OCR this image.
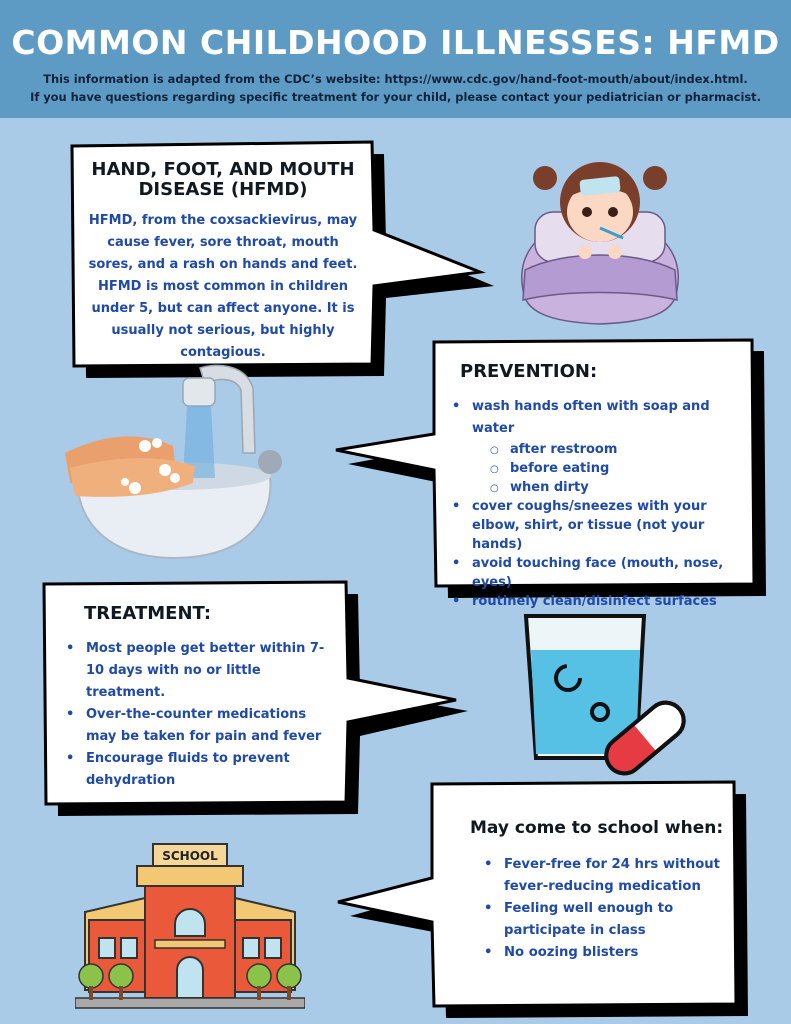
COMMON CHILDHOOD ILLNESSES: HFMD
This information is adapted from the CDC’s website: https://www.cdc.gov/hand-foot-mouth/about/index.html.
If you have questions regarding specific treatment for your child, please contact your pediatrician or pharmacist.
HAND, FOOT, AND MOUTH DISEASE (HFMD)
HFMD, from the coxsackievirus, may cause fever, sore throat, mouth sores, and a rash on hands and feet. HFMD is most common in children under 5, but can affect anyone. It is usually not serious, but highly contagious.
PREVENTION:
• wash hands often with soap and water
○ after restroom
○ before eating
○ when dirty
• cover coughs/sneezes with your elbow, shirt, or tissue (not your hands)
• avoid touching face (mouth, nose, eyes)
• routinely clean/disinfect surfaces
TREATMENT:
• Most people get better within 7-10 days with no or little treatment.
• Over-the-counter medications may be taken for pain and fever
• Encourage fluids to prevent dehydration
May come to school when:
• Fever-free for 24 hrs without fever-reducing medication
• Feeling well enough to participate in class
• No oozing blisters
SCHOOL
